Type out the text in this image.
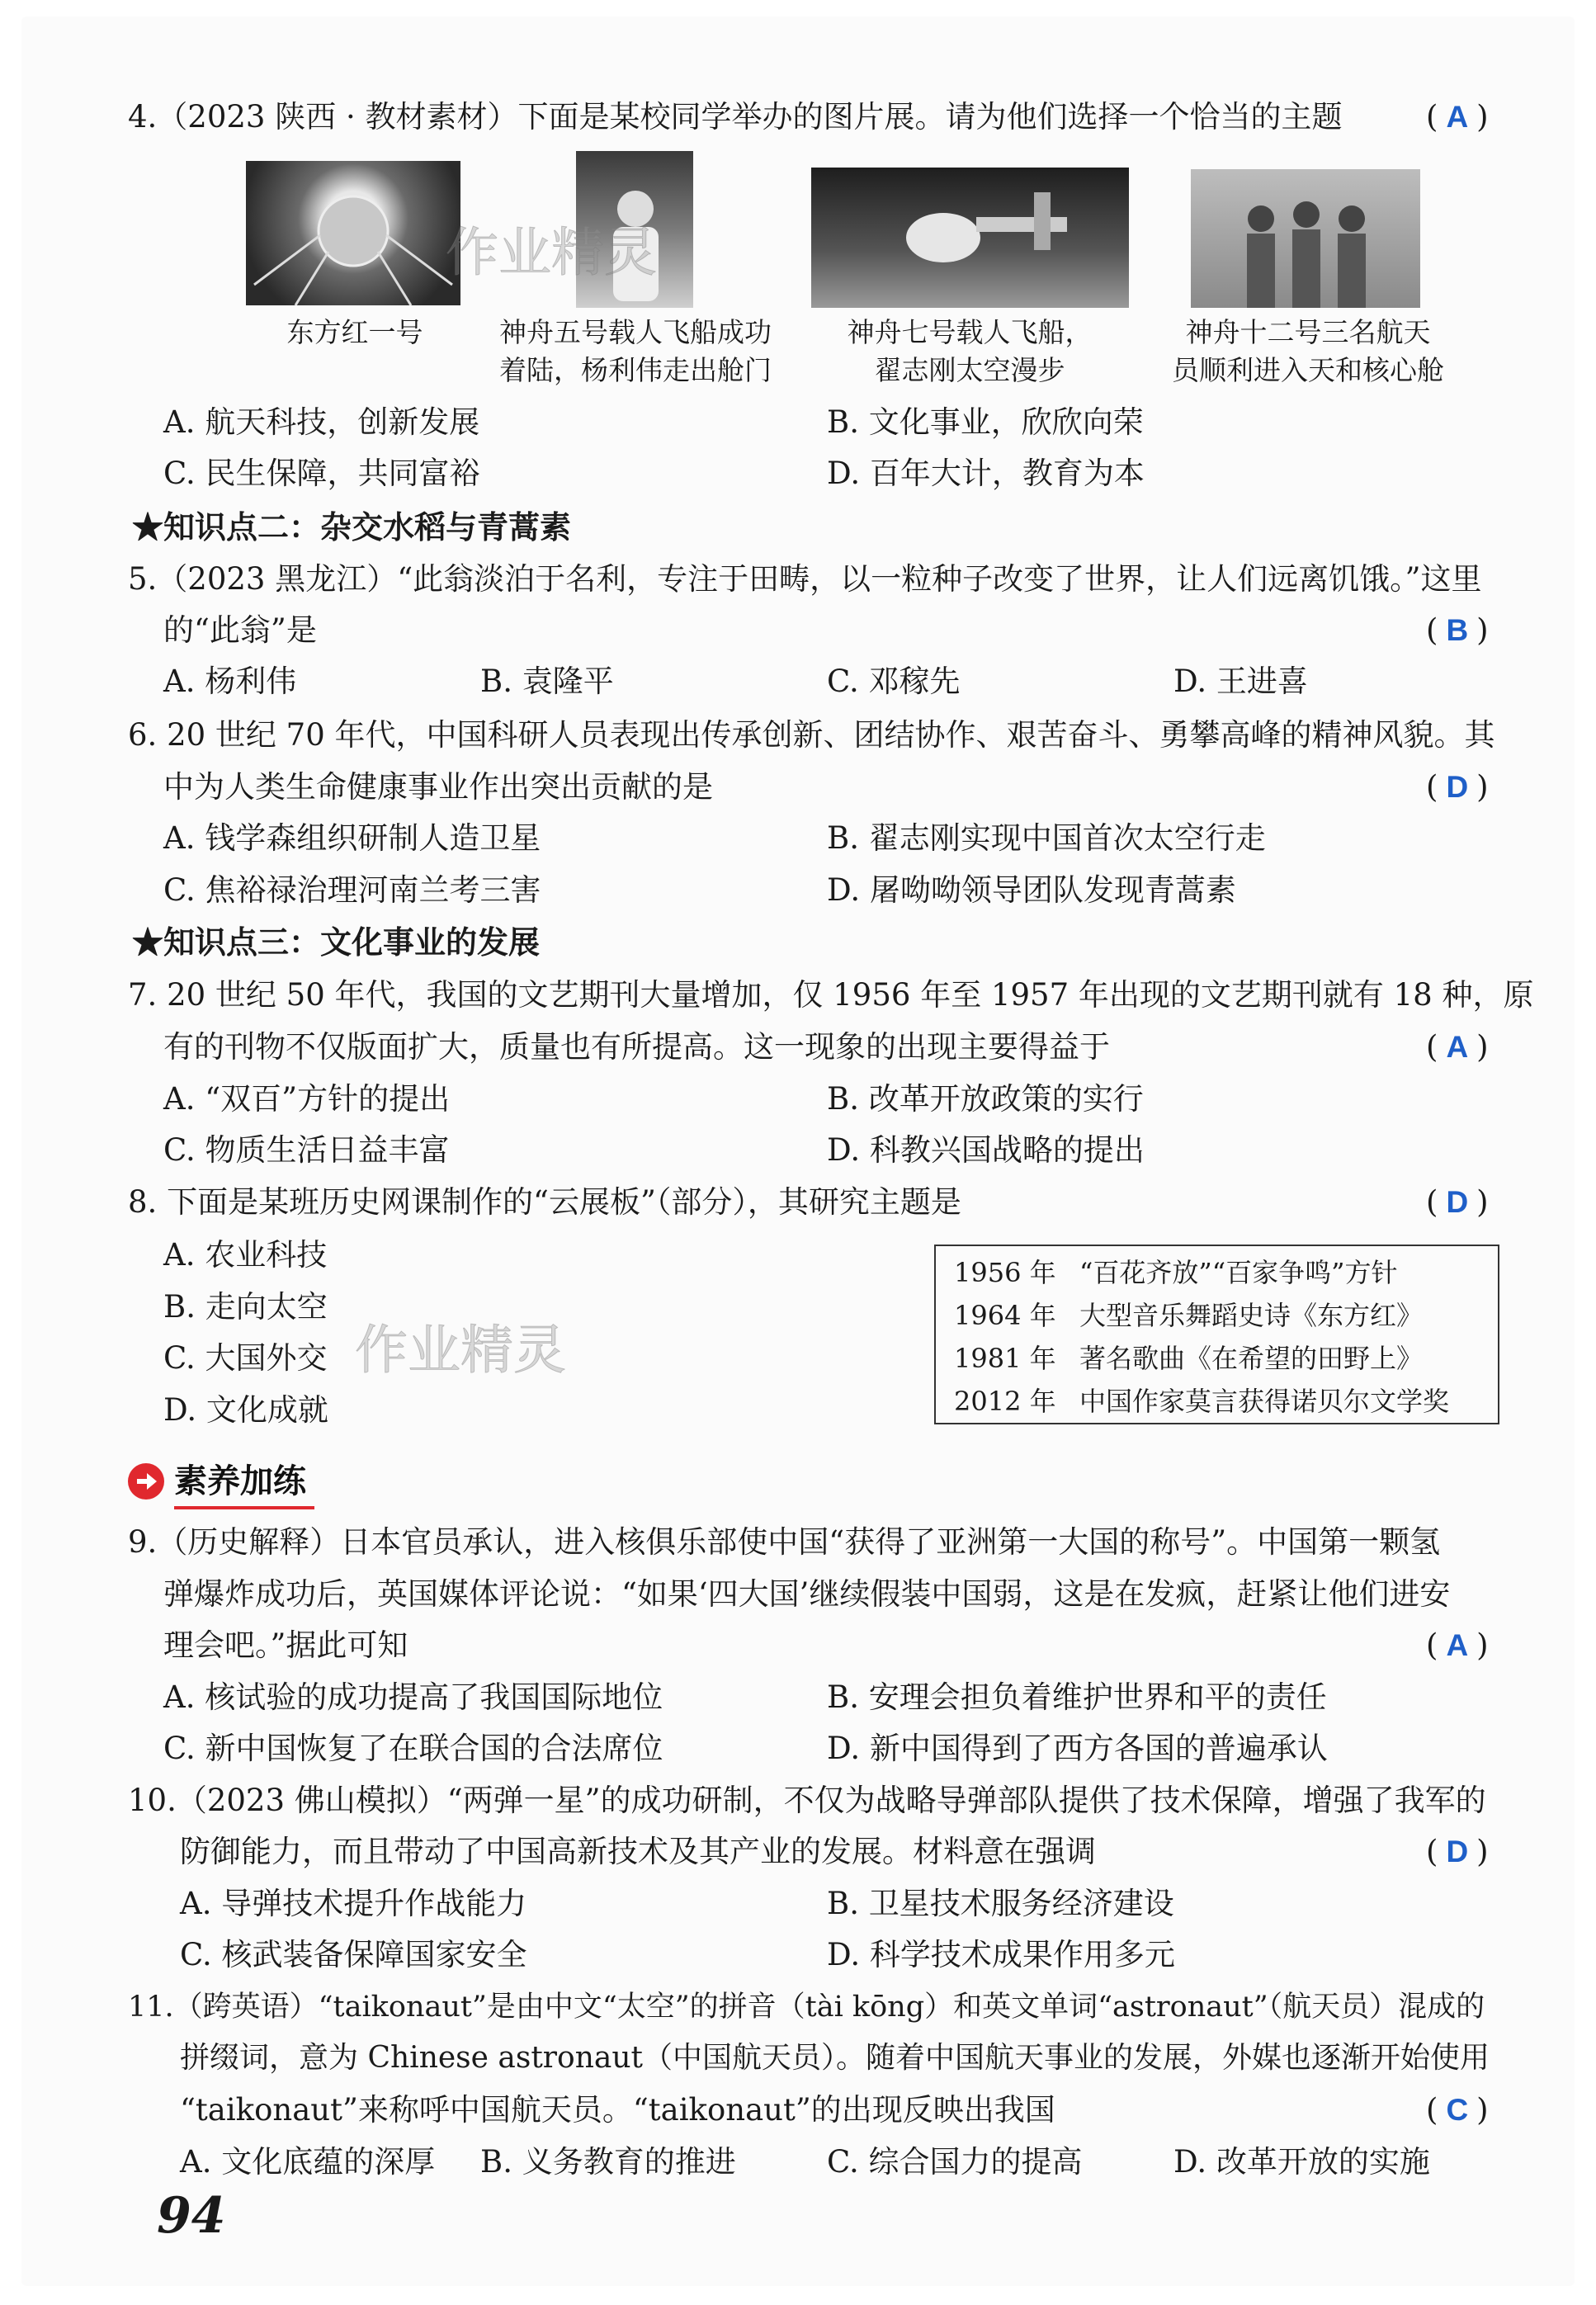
4.（2023 陕西 · 教材素材）下面是某校同学举办的图片展。请为他们选择一个恰当的主题	( A )
东方红一号	神舟五号载人飞船成功
着陆，杨利伟走出舱门
神舟七号载人飞船，
翟志刚太空漫步
神舟十二号三名航天
员顺利进入天和核心舱
A. 航天科技，创新发展	B. 文化事业，欣欣向荣
C. 民生保障，共同富裕	D. 百年大计，教育为本
★知识点二：杂交水稻与青蒿素
5.（2023 黑龙江）“此翁淡泊于名利，专注于田畴，以一粒种子改变了世界，让人们远离饥饿。”这里
的“此翁”是	( B )
A. 杨利伟	B. 袁隆平	C. 邓稼先	D. 王进喜
6. 20 世纪 70 年代，中国科研人员表现出传承创新、团结协作、艰苦奋斗、勇攀高峰的精神风貌。其
中为人类生命健康事业作出突出贡献的是	( D )
A. 钱学森组织研制人造卫星	B. 翟志刚实现中国首次太空行走
C. 焦裕禄治理河南兰考三害	D. 屠呦呦领导团队发现青蒿素
★知识点三：文化事业的发展
7. 20 世纪 50 年代，我国的文艺期刊大量增加，仅 1956 年至 1957 年出现的文艺期刊就有 18 种，原
有的刊物不仅版面扩大，质量也有所提高。这一现象的出现主要得益于	( A )
A. “双百”方针的提出	B. 改革开放政策的实行
C. 物质生活日益丰富	D. 科教兴国战略的提出
8. 下面是某班历史网课制作的“云展板”（部分），其研究主题是	( D )
A. 农业科技
B. 走向太空
C. 大国外交
D. 文化成就
1956 年 “百花齐放”“百家争鸣”方针
1964 年 大型音乐舞蹈史诗《东方红》
1981 年 著名歌曲《在希望的田野上》
2012 年 中国作家莫言获得诺贝尔文学奖
素养加练
9.（历史解释）日本官员承认，进入核俱乐部使中国“获得了亚洲第一大国的称号”。中国第一颗氢
弹爆炸成功后，英国媒体评论说：“如果‘四大国’继续假装中国弱，这是在发疯，赶紧让他们进安
理会吧。”据此可知	( A )
A. 核试验的成功提高了我国国际地位	B. 安理会担负着维护世界和平的责任
C. 新中国恢复了在联合国的合法席位	D. 新中国得到了西方各国的普遍承认
10.（2023 佛山模拟）“两弹一星”的成功研制，不仅为战略导弹部队提供了技术保障，增强了我军的
防御能力，而且带动了中国高新技术及其产业的发展。材料意在强调	( D )
A. 导弹技术提升作战能力	B. 卫星技术服务经济建设
C. 核武装备保障国家安全	D. 科学技术成果作用多元
11.（跨英语）“taikonaut”是由中文“太空”的拼音（tài kōng）和英文单词“astronaut”（航天员）混成的
拼缀词，意为 Chinese astronaut（中国航天员）。随着中国航天事业的发展，外媒也逐渐开始使用
“taikonaut”来称呼中国航天员。“taikonaut”的出现反映出我国	( C )
A. 文化底蕴的深厚 B. 义务教育的推进	C. 综合国力的提高	D. 改革开放的实施
94
作业精灵
作业精灵
